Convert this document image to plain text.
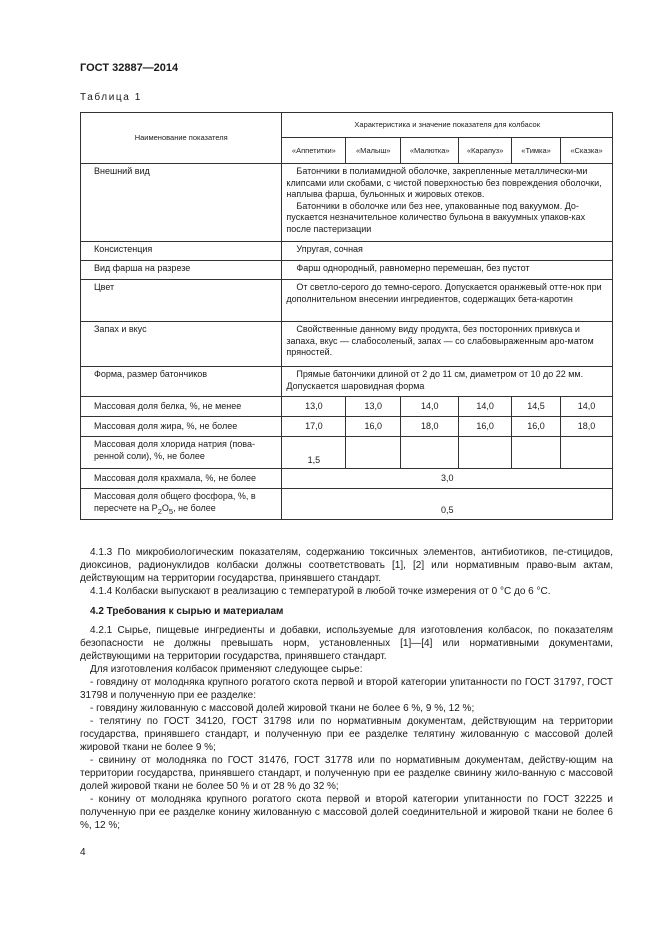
ГОСТ 32887—2014
Таблица 1
Наименование показателя	Характеристика и значение показателя для колбасок					
	«Аппетитки»	«Малыш»	«Малютка»	«Карапуз»	«Тимка»	«Сказка»
Внешний вид	Батончики в полиамидной оболочке, закрепленные металлически-ми клипсами или скобами, с чистой поверхностью без повреждения оболочки, наплыва фарша, бульонных и жировых отеков.

Батончики в оболочке или без нее, упакованные под вакуумом. До-пускается незначительное количество бульона в вакуумных упаков-ках после пастеризации					

Консистенция	Упругая, сочная					
Вид фарша на разрезе	Фарш однородный, равномерно перемешан, без пустот					
Цвет	От светло-серого до темно-серого. Допускается оранжевый отте-нок при дополнительном внесении ингредиентов, содержащих бета-каротин					
Запах и вкус	Свойственные данному виду продукта, без посторонних привкуса и запаха, вкус — слабосоленый, запах — со слабовыраженным аро-матом пряностей.					
Форма, размер батончиков	Прямые батончики длиной от 2 до 11 см, диаметром от 10 до 22 мм.

Допускается шаровидная форма					

Массовая доля белка, %, не менее	13,0	13,0	14,0	14,0	14,5	14,0
Массовая доля жира, %, не более	17,0	16,0	18,0	16,0	16,0	18,0
Массовая доля хлорида натрия (пова-ренной соли), %, не более	1,5					
Массовая доля крахмала, %, не более	3,0					
Массовая доля общего фосфора, %, в
пересчете на $Р_2О_5$, не более	0,5					

4.1.3 По микробиологическим показателям, содержанию токсичных элементов, антибиотиков, пе-стицидов, диоксинов, радионуклидов колбаски должны соответствовать [1], [2] или нормативным право-вым актам, действующим на территории государства, принявшего стандарт.

4.1.4 Колбаски выпускают в реализацию с температурой в любой точке измерения от 0 °С до 6 °С.

4.2 Требования к сырью и материалам

4.2.1 Сырье, пищевые ингредиенты и добавки, используемые для изготовления колбасок, по показателям безопасности не должны превышать норм, установленных [1]—[4] или нормативными документами, действующими на территории государства, принявшего стандарт.

Для изготовления колбасок применяют следующее сырье:

- говядину от молодняка крупного рогатого скота первой и второй категории упитанности по ГОСТ 31797, ГОСТ 31798 и полученную при ее разделке:

- говядину жилованную с массовой долей жировой ткани не более 6 %, 9 %, 12 %;

- телятину по ГОСТ 34120, ГОСТ 31798 или по нормативным документам, действующим на территории государства, принявшего стандарт, и полученную при ее разделке телятину жилованную с массовой долей жировой ткани не более 9 %;

- свинину от молодняка по ГОСТ 31476, ГОСТ 31778 или по нормативным документам, действу-ющим на территории государства, принявшего стандарт, и полученную при ее разделке свинину жило-ванную с массовой долей жировой ткани не более 50 % и от 28 % до 32 %;

- конину от молодняка крупного рогатого скота первой и второй категории упитанности по ГОСТ 32225 и полученную при ее разделке конину жилованную с массовой долей соединительной и жировой ткани не более 6 %, 12 %;

4
